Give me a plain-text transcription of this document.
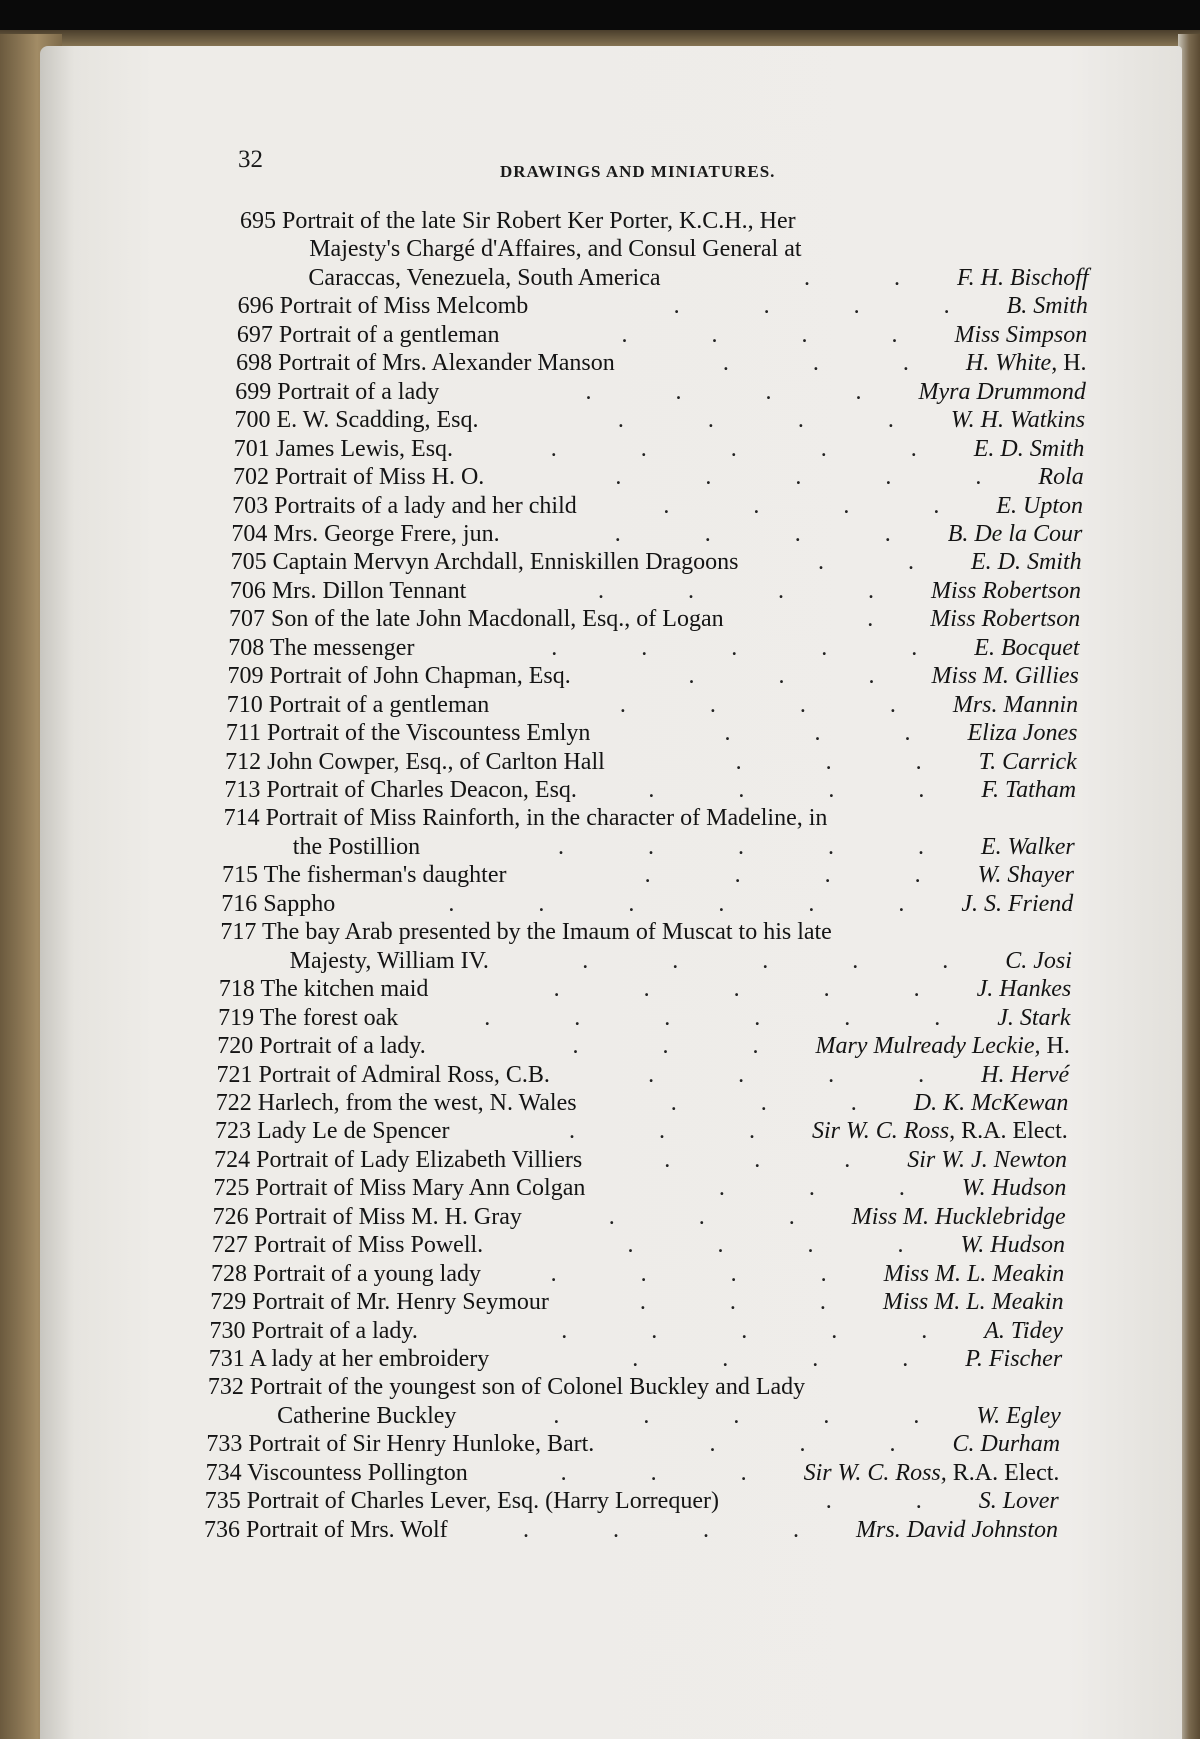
32	DRAWINGS AND MINIATURES.
695 Portrait of the late Sir Robert Ker Porter, K.C.H., Her
Majesty's Chargé d'Affaires, and Consul General at
Caraccas, Venezuela, South America	F. H. Bischoff
696 Portrait of Miss Melcomb	B. Smith
697 Portrait of a gentleman	Miss Simpson
698 Portrait of Mrs. Alexander Manson	H. White, H.
699 Portrait of a lady	Myra Drummond
700 E. W. Scadding, Esq.	W. H. Watkins
701 James Lewis, Esq.	E. D. Smith
702 Portrait of Miss H. O.	Rola
703 Portraits of a lady and her child	E. Upton
704 Mrs. George Frere, jun.	B. De la Cour
705 Captain Mervyn Archdall, Enniskillen Dragoons	E. D. Smith
706 Mrs. Dillon Tennant	Miss Robertson
707 Son of the late John Macdonall, Esq., of Logan	Miss Robertson
708 The messenger	E. Bocquet
709 Portrait of John Chapman, Esq.	Miss M. Gillies
710 Portrait of a gentleman	Mrs. Mannin
711 Portrait of the Viscountess Emlyn	Eliza Jones
712 John Cowper, Esq., of Carlton Hall	T. Carrick
713 Portrait of Charles Deacon, Esq.	F. Tatham
714 Portrait of Miss Rainforth, in the character of Madeline, in
the Postillion	E. Walker
715 The fisherman's daughter	W. Shayer
716 Sappho	J. S. Friend
717 The bay Arab presented by the Imaum of Muscat to his late
Majesty, William IV.	C. Josi
718 The kitchen maid	J. Hankes
719 The forest oak	J. Stark
720 Portrait of a lady.	Mary Mulready Leckie, H.
721 Portrait of Admiral Ross, C.B.	H. Hervé
722 Harlech, from the west, N. Wales	D. K. McKewan
723 Lady Le de Spencer	Sir W. C. Ross, R.A. Elect.
724 Portrait of Lady Elizabeth Villiers	Sir W. J. Newton
725 Portrait of Miss Mary Ann Colgan	W. Hudson
726 Portrait of Miss M. H. Gray	Miss M. Hucklebridge
727 Portrait of Miss Powell.	W. Hudson
728 Portrait of a young lady	Miss M. L. Meakin
729 Portrait of Mr. Henry Seymour	Miss M. L. Meakin
730 Portrait of a lady.	A. Tidey
731 A lady at her embroidery	P. Fischer
732 Portrait of the youngest son of Colonel Buckley and Lady
Catherine Buckley	W. Egley
733 Portrait of Sir Henry Hunloke, Bart.	C. Durham
734 Viscountess Pollington	Sir W. C. Ross, R.A. Elect.
735 Portrait of Charles Lever, Esq. (Harry Lorrequer)	S. Lover
736 Portrait of Mrs. Wolf	Mrs. David Johnston
.
.
.
.
.
.
.
.
.
.
.
.
.
.
.
.
.
.
.
.
.
.
.
.
.
.
.
.
.
.
.
.
.
.
.
.
.
.
.
.
.
.
.
.
.
.
.
.
.
.
.
.
.
.
.
.
.
.
.
.
.
.
.
.
.
.
.
.
.
.
.
.
.
.
.
.
.
.
.
.
.
.
.
.
.
.
.
.
.
.
.
.
.
.
.
.
.
.
.
.
.
.
.
.
.
.
.
.
.
.
.
.
.
.
.
.
.
.
.
.
.
.
.
.
.
.
.
.
.
.
.
.
.
.
.
.
.
.
.
.
.
.
.
.
.
.
.
.
.
.
.
.
.
.
.
.
.
.
